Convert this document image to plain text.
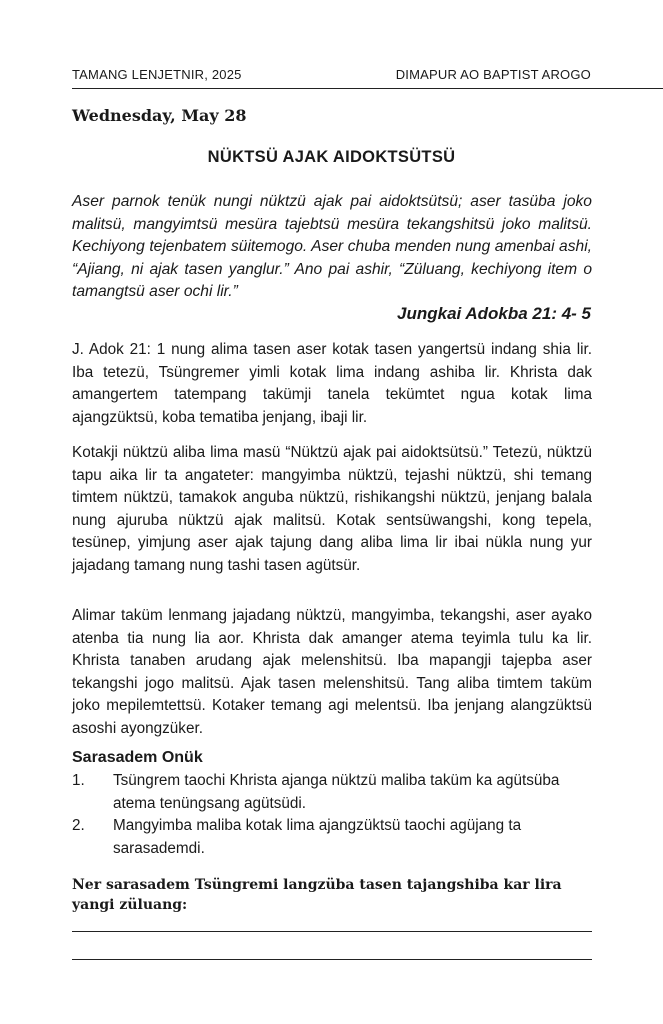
TAMANG LENJETNIR, 2025	DIMAPUR AO BAPTIST AROGO
Wednesday, May 28
NÜKTSÜ AJAK AIDOKTSÜTSÜ
Aser parnok tenük nungi nüktzü ajak pai aidoktsütsü; aser tasüba joko malitsü, mangyimtsü mesüra tajebtsü mesüra tekangshitsü joko malitsü. Kechiyong tejenbatem süitemogo. Aser chuba menden nung amenbai ashi, “Ajiang, ni ajak tasen yanglur.” Ano pai ashir, “Züluang, kechiyong item o tamangtsü aser ochi lir.”
Jungkai Adokba 21: 4- 5

J. Adok 21: 1 nung alima tasen aser kotak tasen yangertsü indang shia lir. Iba tetezü, Tsüngremer yimli kotak lima indang ashiba lir. Khrista dak amangertem tatempang takümji tanela tekümtet ngua kotak lima ajangzüktsü, koba tematiba jenjang, ibaji lir.

Kotakji nüktzü aliba lima masü “Nüktzü ajak pai aidoktsütsü.” Tetezü, nüktzü tapu aika lir ta angateter: mangyimba nüktzü, tejashi nüktzü, shi temang timtem nüktzü, tamakok anguba nüktzü, rishikangshi nüktzü, jenjang balala nung ajuruba nüktzü ajak malitsü. Kotak sentsüwangshi, kong tepela, tesünep, yimjung aser ajak tajung dang aliba lima lir ibai nükla nung yur jajadang tamang nung tashi tasen agütsür.

Alimar taküm lenmang jajadang nüktzü, mangyimba, tekangshi, aser ayako atenba tia nung lia aor. Khrista dak amanger atema teyimla tulu ka lir. Khrista tanaben arudang ajak melenshitsü. Iba mapangji tajepba aser tekangshi jogo malitsü. Ajak tasen melenshitsü. Tang aliba timtem taküm joko mepilemtettsü. Kotaker temang agi melentsü. Iba jenjang alangzüktsü asoshi ayongzüker.

Sarasadem Onük
1.	Tsüngrem taochi Khrista ajanga nüktzü maliba taküm ka agütsüba atema tenüngsang agütsüdi.
2.	Mangyimba maliba kotak lima ajangzüktsü taochi agüjang ta sarasademdi.
Ner sarasadem Tsüngremi langzüba tasen tajangshiba kar lira yangi züluang:
